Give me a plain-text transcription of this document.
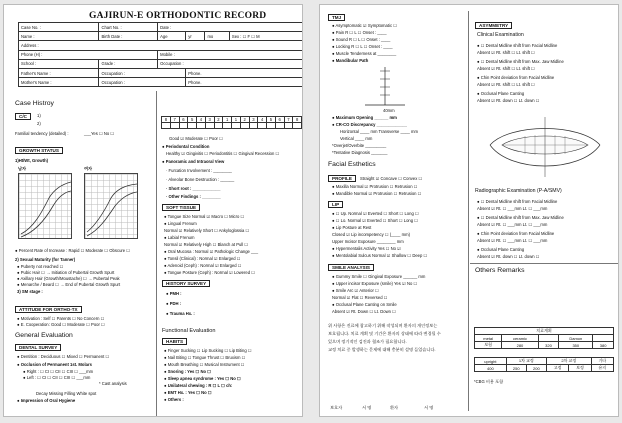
GAJIRUN-E ORTHODONTIC RECORD
Case No. :	Chart No. :	Date :			
Name :	Birth Date :	Age	yr	mo	Sex : ☐ F ☐ M
Address :					
Phone (H) :		Mobile :			
School :	Grade :	Occupation :			
Father's Name :	Occupation :		Phone.		
Mother's Name :	Occupation :		Phone.		
Case Histroy
C/C	1)
2)
Familial tendency (detailed) :	___Yes ☐ No ☐
GROWTH STATUS
1)Ht/Wt, Growth)
남자	여자
● Percent Rate of Increase : Rapid ☐ Moderate ☐ Obscure ☐
2) Sexual Maturity (for Tanner)
● Puberty not reached ☐
● Pubic Hair ☐ → Initiation of Pubertal Growth Spurt
● Axillary Hair (Growth/Moustache) ☐ → Pubertal Peak
● Menarche / Beard ☐ → End of Pubertal Growth Spurt
3) SM stage :
ATTITUDE FOR ORTHO-TX
● Motivation : Self ☐ Parents ☐ No Concern ☐
● E. Cooperation: Good ☐ Moderate ☐ Poor ☐
General Evaluation
DENTAL SURVEY
● Dentition : Deciduous ☐ Mixed ☐ Permanent ☐
● Occlusion of Permanent 1st. Molars
● Right : ☐ CI ☐ CII ☐ CIII ☐ ___mm
● Left : ☐ CI ☐ CII ☐ CIII ☐ ___mm
* Cast analysis
Decay Missing Filling White spot
● Impression of Oral Hygiene
8	7	6	5	4	3	2	1	1	2	3	4	5	6	7	8

Good ☑ Moderate ☐ Poor ☐
● Periodontal Condition
Healthy ☑ Gingivitis ☐ Periodontitis ☐ Gingival Recession ☐
● Panoramic and Intraoral View
· Furcation Involvement : ________
· Alveolar Bone Destruction : ______
· Short root : ____________
· Other Findings : ________
SOFT TISSUE
● Tongue Size Normal ☑ Macro ☐ Micro ☐
● Lingual Frenum
Normal ☑ Relatively Short ☐ Ankyloglossia ☐
● Labial Frenum
Normal ☑ Relatively High ☐ Blanch at Pull ☐
● Oral Mucosa : Normal ☑ Pathologic Change ___
● Tonsil (Clinical) : Normal ☑ Enlarged ☐
● Adenoid (Ceph) : Normal ☑ Enlarged ☐
● Tongue Posture (Ceph) : Normal ☑ Lowered ☐
HISTORY SURVEY
● PMH :
● PDH :
● Trauma Hx. :
Functional Evaluation
HABITS
● Finger Sucking ☐ Lip Sucking ☐ Lip Biting ☐
● Nail Biting ☐ Tongue Thrust ☐ Bruxism ☐
● Mouth Breathing ☐ Musical Instrument ☐
● Snoring : Yes ☐ No ☐
● Sleep apnea syndrome : Yes ☐ No ☐
● Unilateral chewing : R ☐ L ☐ ch:
● EMT Hx. : Yes ☐ No ☐
● Others :
TMJ
● Asymptomatic ☑ Symptomatic ☐
● Pain R ☐ L ☐ Onset : ____
● Sound R ☐ L ☐ Onset : ____
● Locking R ☐ L ☐ Onset : ____
● Muscle Tenderness at ________
● Mandibular Path
40mm
● Maximum Opening ______ mm
● CR-CO Discrepancy _____________
Horizontal ____ mm Transverse ____ mm
Vertical ____ mm
*Overjet/Overbite _________
*Tentative Diagnosis _______
Facial Esthetics
PROFILE	Straight ☑ Concave ☐ Convex ☐
● Maxilla Normal ☑ Protrusion ☐ Retrusion ☐
● Mandible Normal ☑ Protrusion ☐ Retrusion ☐
LIP
● ☐ Up. Normal ☑ Everted ☐ Short ☐ Long ☐
● ☐ Lo. Normal ☑ Everted ☐ Short ☐ Long ☐
● Lip Posture at Rest
Closed ☑ Lip incompetency ☐ (____ mm)
Upper Incisor Exposure ________ mm
● Hypermentalis Activity Yes ☐ No ☑
● Mentolabial Sulcus Normal ☑ Shallow ☐ Deep ☐
SMILE ANALYSIS
● Gummy Smile ☐ Gingival Exposure ______ mm
● Upper incisor Exposure (smile) Yes ☑ No ☐
● Smile Arc ☑ Anterior ☐
Normal ☑ Flat ☐ Reversed ☐
● Occlusal Plane Canting on Smile
Absent ☑ Rt. Down ☐ Lt. Down ☐
위 사항은 진료에 참고하기 위해 작성되며 환자의 개인정보는
보호됩니다. 치료 계획 및 기간은 환자의 상태에 따라 변경될 수
있으며 정기적인 검진과 협조가 필요합니다.
교정 치료 중 발생하는 문제에 대해 충분히 설명 들었습니다.
보호자	서 명	환자	서 명
ASYMMETRY
Clinical Examination
● ☐ Dental Midline shift from Facial Midline
Absent ☑ Rt. shift ☐ Lt. shift ☐
● ☐ Dental Midline shift from Max. Jaw Midline
Absent ☑ Rt. shift ☐ Lt. shift ☐
● Chin Point deviation from Facial Midline
Absent ☑ Rt. shift ☐ Lt. shift ☐
● Occlusal Plane Canting
Absent ☑ Rt. down ☐ Lt. down ☐
Radiographic Examination (P-A/SMV)
● ☐ Dental Midline shift from Facial Midline
Absent ☑ Rt. ☐ ___mm Lt. ☐ ___mm
● ☐ Dental Midline shift from Max. Jaw Midline
Absent ☑ Rt. ☐ ___mm Lt. ☐ ___mm
● Chin Point deviation from Facial Midline
Absent ☑ Rt. ☐ ___mm Lt. ☐ ___mm
● Occlusal Plane Canting
Absent ☑ Rt. down ☐ Lt. down ☐
Others Remarks
치료계획				
metal	ceramic		Damon	
보험	280	320	350	380
upright	1차 교정		2차 교정		기타
400	250	200	고정	보정	유지
*CBG 비용 포함
